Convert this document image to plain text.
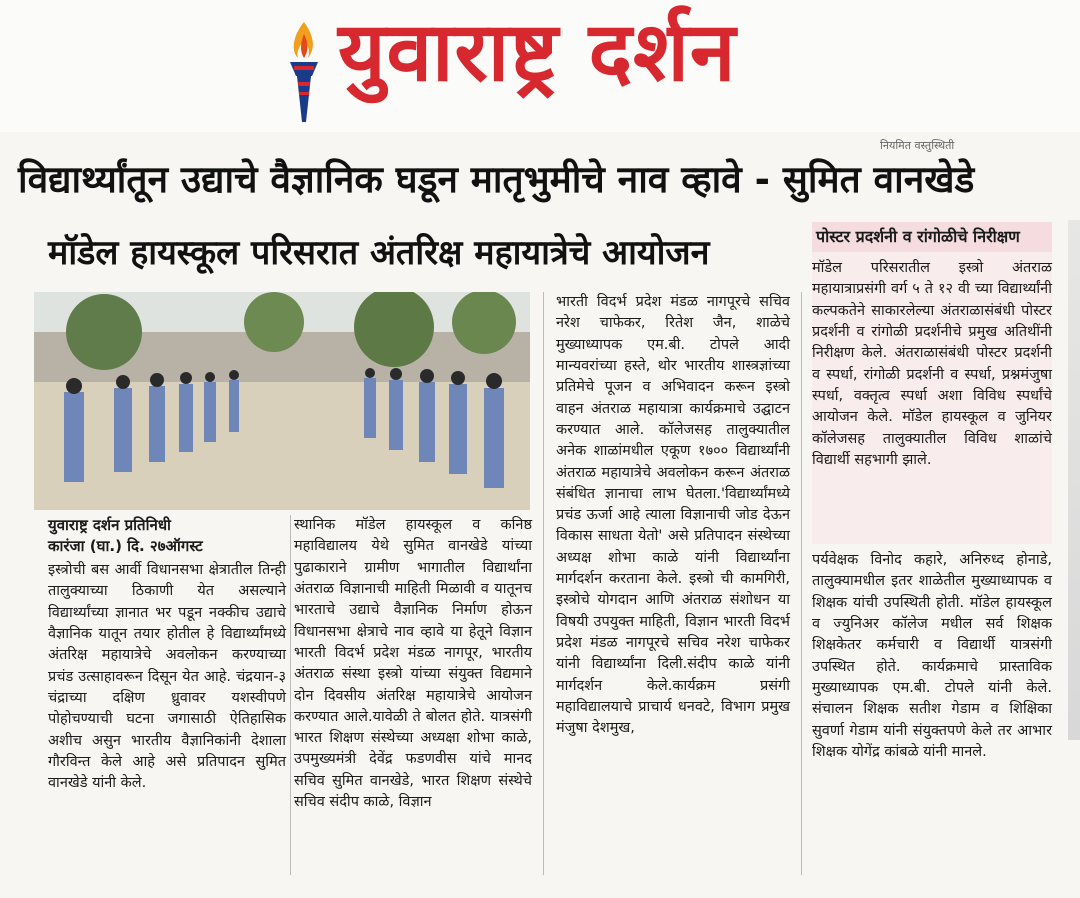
युवाराष्ट्र दर्शन
नियमित वस्तुस्थिती
विद्यार्थ्यांतून उद्याचे वैज्ञानिक घडून मातृभुमीचे नाव व्हावे - सुमित वानखेडे
मॉडेल हायस्कूल परिसरात अंतरिक्ष महायात्रेचे आयोजन
युवाराष्ट्र दर्शन प्रतिनिधी
कारंजा (घा.) दि. २७ऑगस्ट

इस्त्रोची बस आर्वी विधानसभा क्षेत्रातील तिन्ही तालुक्याच्या ठिकाणी येत असल्याने विद्यार्थ्यांच्या ज्ञानात भर पडून नक्कीच उद्याचे वैज्ञानिक यातून तयार होतील हे विद्यार्थ्यांमध्ये अंतरिक्ष महायात्रेचे अवलोकन करण्याच्या प्रचंड उत्साहावरून दिसून येत आहे. चंद्रयान-३ चंद्राच्या दक्षिण ध्रुवावर यशस्वीपणे पोहोचण्याची घटना जगासाठी ऐतिहासिक अशीच असुन भारतीय वैज्ञानिकांनी देशाला गौरविन्त केले आहे असे प्रतिपादन सुमित वानखेडे यांनी केले.

स्थानिक मॉडेल हायस्कूल व कनिष्ठ महाविद्यालय येथे सुमित वानखेडे यांच्या पुढाकाराने ग्रामीण भागातील विद्यार्थांना अंतराळ विज्ञानाची माहिती मिळावी व यातूनच भारताचे उद्याचे वैज्ञानिक निर्माण होऊन विधानसभा क्षेत्राचे नाव व्हावे या हेतूने विज्ञान भारती विदर्भ प्रदेश मंडळ नागपूर, भारतीय अंतराळ संस्था इस्त्रो यांच्या संयुक्त विद्यमाने दोन दिवसीय अंतरिक्ष महायात्रेचे आयोजन करण्यात आले.यावेळी ते बोलत होते. यात्रसंगी भारत शिक्षण संस्थेच्या अध्यक्षा शोभा काळे, उपमुख्यमंत्री देवेंद्र फडणवीस यांचे मानद सचिव सुमित वानखेडे, भारत शिक्षण संस्थेचे सचिव संदीप काळे, विज्ञान

भारती विदर्भ प्रदेश मंडळ नागपूरचे सचिव नरेश चाफेकर, रितेश जैन, शाळेचे मुख्याध्यापक एम.बी. टोपले आदी मान्यवरांच्या हस्ते, थोर भारतीय शास्त्रज्ञांच्या प्रतिमेचे पूजन व अभिवादन करून इस्त्रो वाहन अंतराळ महायात्रा कार्यक्रमाचे उद्घाटन करण्यात आले. कॉलेजसह तालुक्यातील अनेक शाळांमधील एकूण १७०० विद्यार्थ्यांनी अंतराळ महायात्रेचे अवलोकन करून अंतराळ संबंधित ज्ञानाचा लाभ घेतला.'विद्यार्थ्यांमध्ये प्रचंड ऊर्जा आहे त्याला विज्ञानाची जोड देऊन विकास साधता येतो' असे प्रतिपादन संस्थेच्या अध्यक्ष शोभा काळे यांनी विद्यार्थ्यांना मार्गदर्शन करताना केले. इस्त्रो ची कामगिरी, इस्त्रोचे योगदान आणि अंतराळ संशोधन या विषयी उपयुक्त माहिती, विज्ञान भारती विदर्भ प्रदेश मंडळ नागपूरचे सचिव नरेश चाफेकर यांनी विद्यार्थ्यांना दिली.संदीप काळे यांनी मार्गदर्शन केले.कार्यक्रम प्रसंगी महाविद्यालयाचे प्राचार्य धनवटे, विभाग प्रमुख मंजुषा देशमुख,

पोस्टर प्रदर्शनी व रांगोळीचे निरीक्षण

मॉडेल परिसरातील इस्त्रो अंतराळ महायात्राप्रसंगी वर्ग ५ ते १२ वी च्या विद्यार्थ्यांनी कल्पकतेने साकारलेल्या अंतराळासंबंधी पोस्टर प्रदर्शनी व रांगोळी प्रदर्शनीचे प्रमुख अतिथींनी निरीक्षण केले. अंतराळासंबंधी पोस्टर प्रदर्शनी व स्पर्धा, रांगोळी प्रदर्शनी व स्पर्धा, प्रश्नमंजुषा स्पर्धा, वक्तृत्व स्पर्धा अशा विविध स्पर्धांचे आयोजन केले. मॉडेल हायस्कूल व जुनियर कॉलेजसह तालुक्यातील विविध शाळांचे विद्यार्थी सहभागी झाले.

पर्यवेक्षक विनोद कहारे, अनिरुध्द होनाडे, तालुक्यामधील इतर शाळेतील मुख्याध्यापक व शिक्षक यांची उपस्थिती होती. मॉडेल हायस्कूल व ज्युनिअर कॉलेज मधील सर्व शिक्षक शिक्षकेतर कर्मचारी व विद्यार्थी यात्रसंगी उपस्थित होते. कार्यक्रमाचे प्रास्ताविक मुख्याध्यापक एम.बी. टोपले यांनी केले. संचालन शिक्षक सतीश गेडाम व शिक्षिका सुवर्णा गेडाम यांनी संयुक्तपणे केले तर आभार शिक्षक योगेंद्र कांबळे यांनी मानले.
